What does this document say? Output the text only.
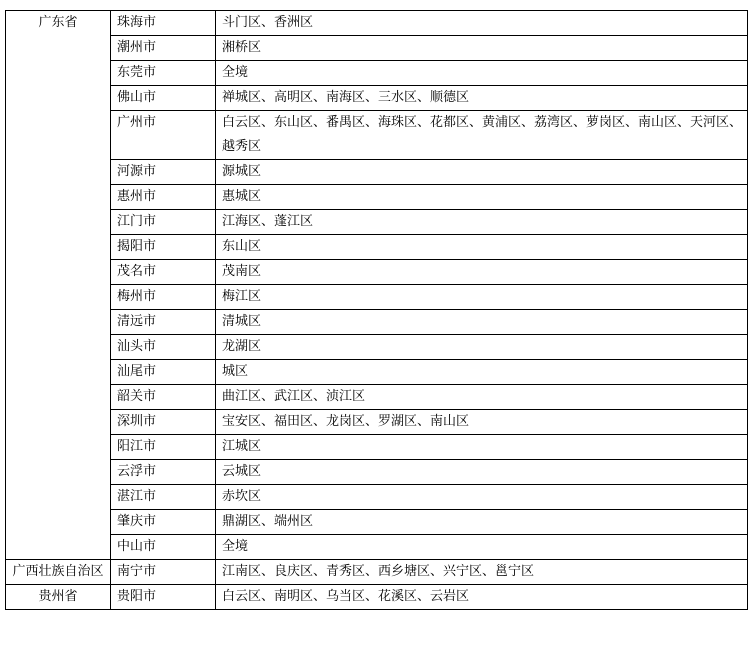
广东省	珠海市	斗门区、香洲区
	潮州市	湘桥区
	东莞市	全境
	佛山市	禅城区、高明区、南海区、三水区、顺德区
	广州市	白云区、东山区、番禺区、海珠区、花都区、黄浦区、荔湾区、萝岗区、南山区、天河区、越秀区
	河源市	源城区
	惠州市	惠城区
	江门市	江海区、蓬江区
	揭阳市	东山区
	茂名市	茂南区
	梅州市	梅江区
	清远市	清城区
	汕头市	龙湖区
	汕尾市	城区
	韶关市	曲江区、武江区、浈江区
	深圳市	宝安区、福田区、龙岗区、罗湖区、南山区
	阳江市	江城区
	云浮市	云城区
	湛江市	赤坎区
	肇庆市	鼎湖区、端州区
	中山市	全境
广西壮族自治区	南宁市	江南区、良庆区、青秀区、西乡塘区、兴宁区、邕宁区
贵州省	贵阳市	白云区、南明区、乌当区、花溪区、云岩区
